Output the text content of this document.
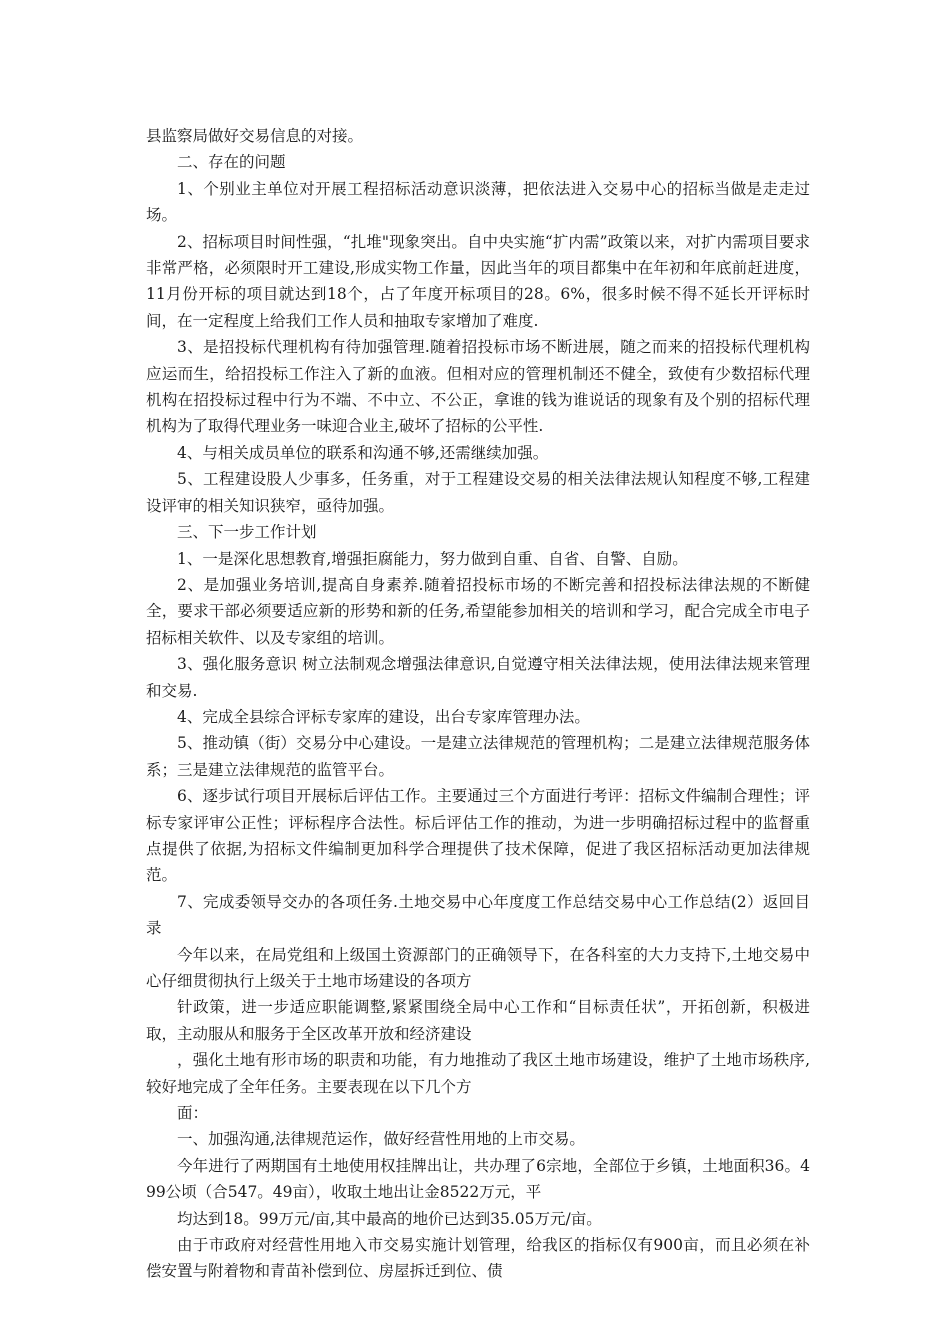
县监察局做好交易信息的对接。

二、存在的问题

1、个别业主单位对开展工程招标活动意识淡薄，把依法进入交易中心的招标当做是走走过场。

2、招标项目时间性强，“扎堆"现象突出。自中央实施“扩内需”政策以来，对扩内需项目要求非常严格，必须限时开工建设,形成实物工作量，因此当年的项目都集中在年初和年底前赶进度，11月份开标的项目就达到18个，占了年度开标项目的28。6%，很多时候不得不延长开评标时间，在一定程度上给我们工作人员和抽取专家增加了难度.

3、是招投标代理机构有待加强管理.随着招投标市场不断进展，随之而来的招投标代理机构应运而生，给招投标工作注入了新的血液。但相对应的管理机制还不健全，致使有少数招标代理机构在招投标过程中行为不端、不中立、不公正，拿谁的钱为谁说话的现象有及个别的招标代理机构为了取得代理业务一味迎合业主,破坏了招标的公平性.

4、与相关成员单位的联系和沟通不够,还需继续加强。

5、工程建设股人少事多，任务重，对于工程建设交易的相关法律法规认知程度不够,工程建设评审的相关知识狭窄，亟待加强。

三、下一步工作计划

1、一是深化思想教育,增强拒腐能力，努力做到自重、自省、自警、自励。

2、是加强业务培训,提高自身素养.随着招投标市场的不断完善和招投标法律法规的不断健全，要求干部必须要适应新的形势和新的任务,希望能参加相关的培训和学习，配合完成全市电子招标相关软件、以及专家组的培训。

3、强化服务意识 树立法制观念增强法律意识,自觉遵守相关法律法规，使用法律法规来管理和交易.

4、完成全县综合评标专家库的建设，出台专家库管理办法。

5、推动镇（街）交易分中心建设。一是建立法律规范的管理机构；二是建立法律规范服务体系；三是建立法律规范的监管平台。

6、逐步试行项目开展标后评估工作。主要通过三个方面进行考评：招标文件编制合理性；评标专家评审公正性；评标程序合法性。标后评估工作的推动，为进一步明确招标过程中的监督重点提供了依据,为招标文件编制更加科学合理提供了技术保障，促进了我区招标活动更加法律规范。

7、完成委领导交办的各项任务.土地交易中心年度度工作总结交易中心工作总结(2）返回目录

今年以来，在局党组和上级国土资源部门的正确领导下，在各科室的大力支持下,土地交易中心仔细贯彻执行上级关于土地市场建设的各项方

针政策，进一步适应职能调整,紧紧围绕全局中心工作和“目标责任状”，开拓创新，积极进取，主动服从和服务于全区改革开放和经济建设

，强化土地有形市场的职责和功能，有力地推动了我区土地市场建设，维护了土地市场秩序,较好地完成了全年任务。主要表现在以下几个方

面：

一、加强沟通,法律规范运作，做好经营性用地的上市交易。

今年进行了两期国有土地使用权挂牌出让，共办理了6宗地，全部位于乡镇，土地面积36。499公顷（合547。49亩），收取土地出让金8522万元，平

均达到18。99万元/亩,其中最高的地价已达到35.05万元/亩。

由于市政府对经营性用地入市交易实施计划管理，给我区的指标仅有900亩，而且必须在补偿安置与附着物和青苗补偿到位、房屋拆迁到位、债
